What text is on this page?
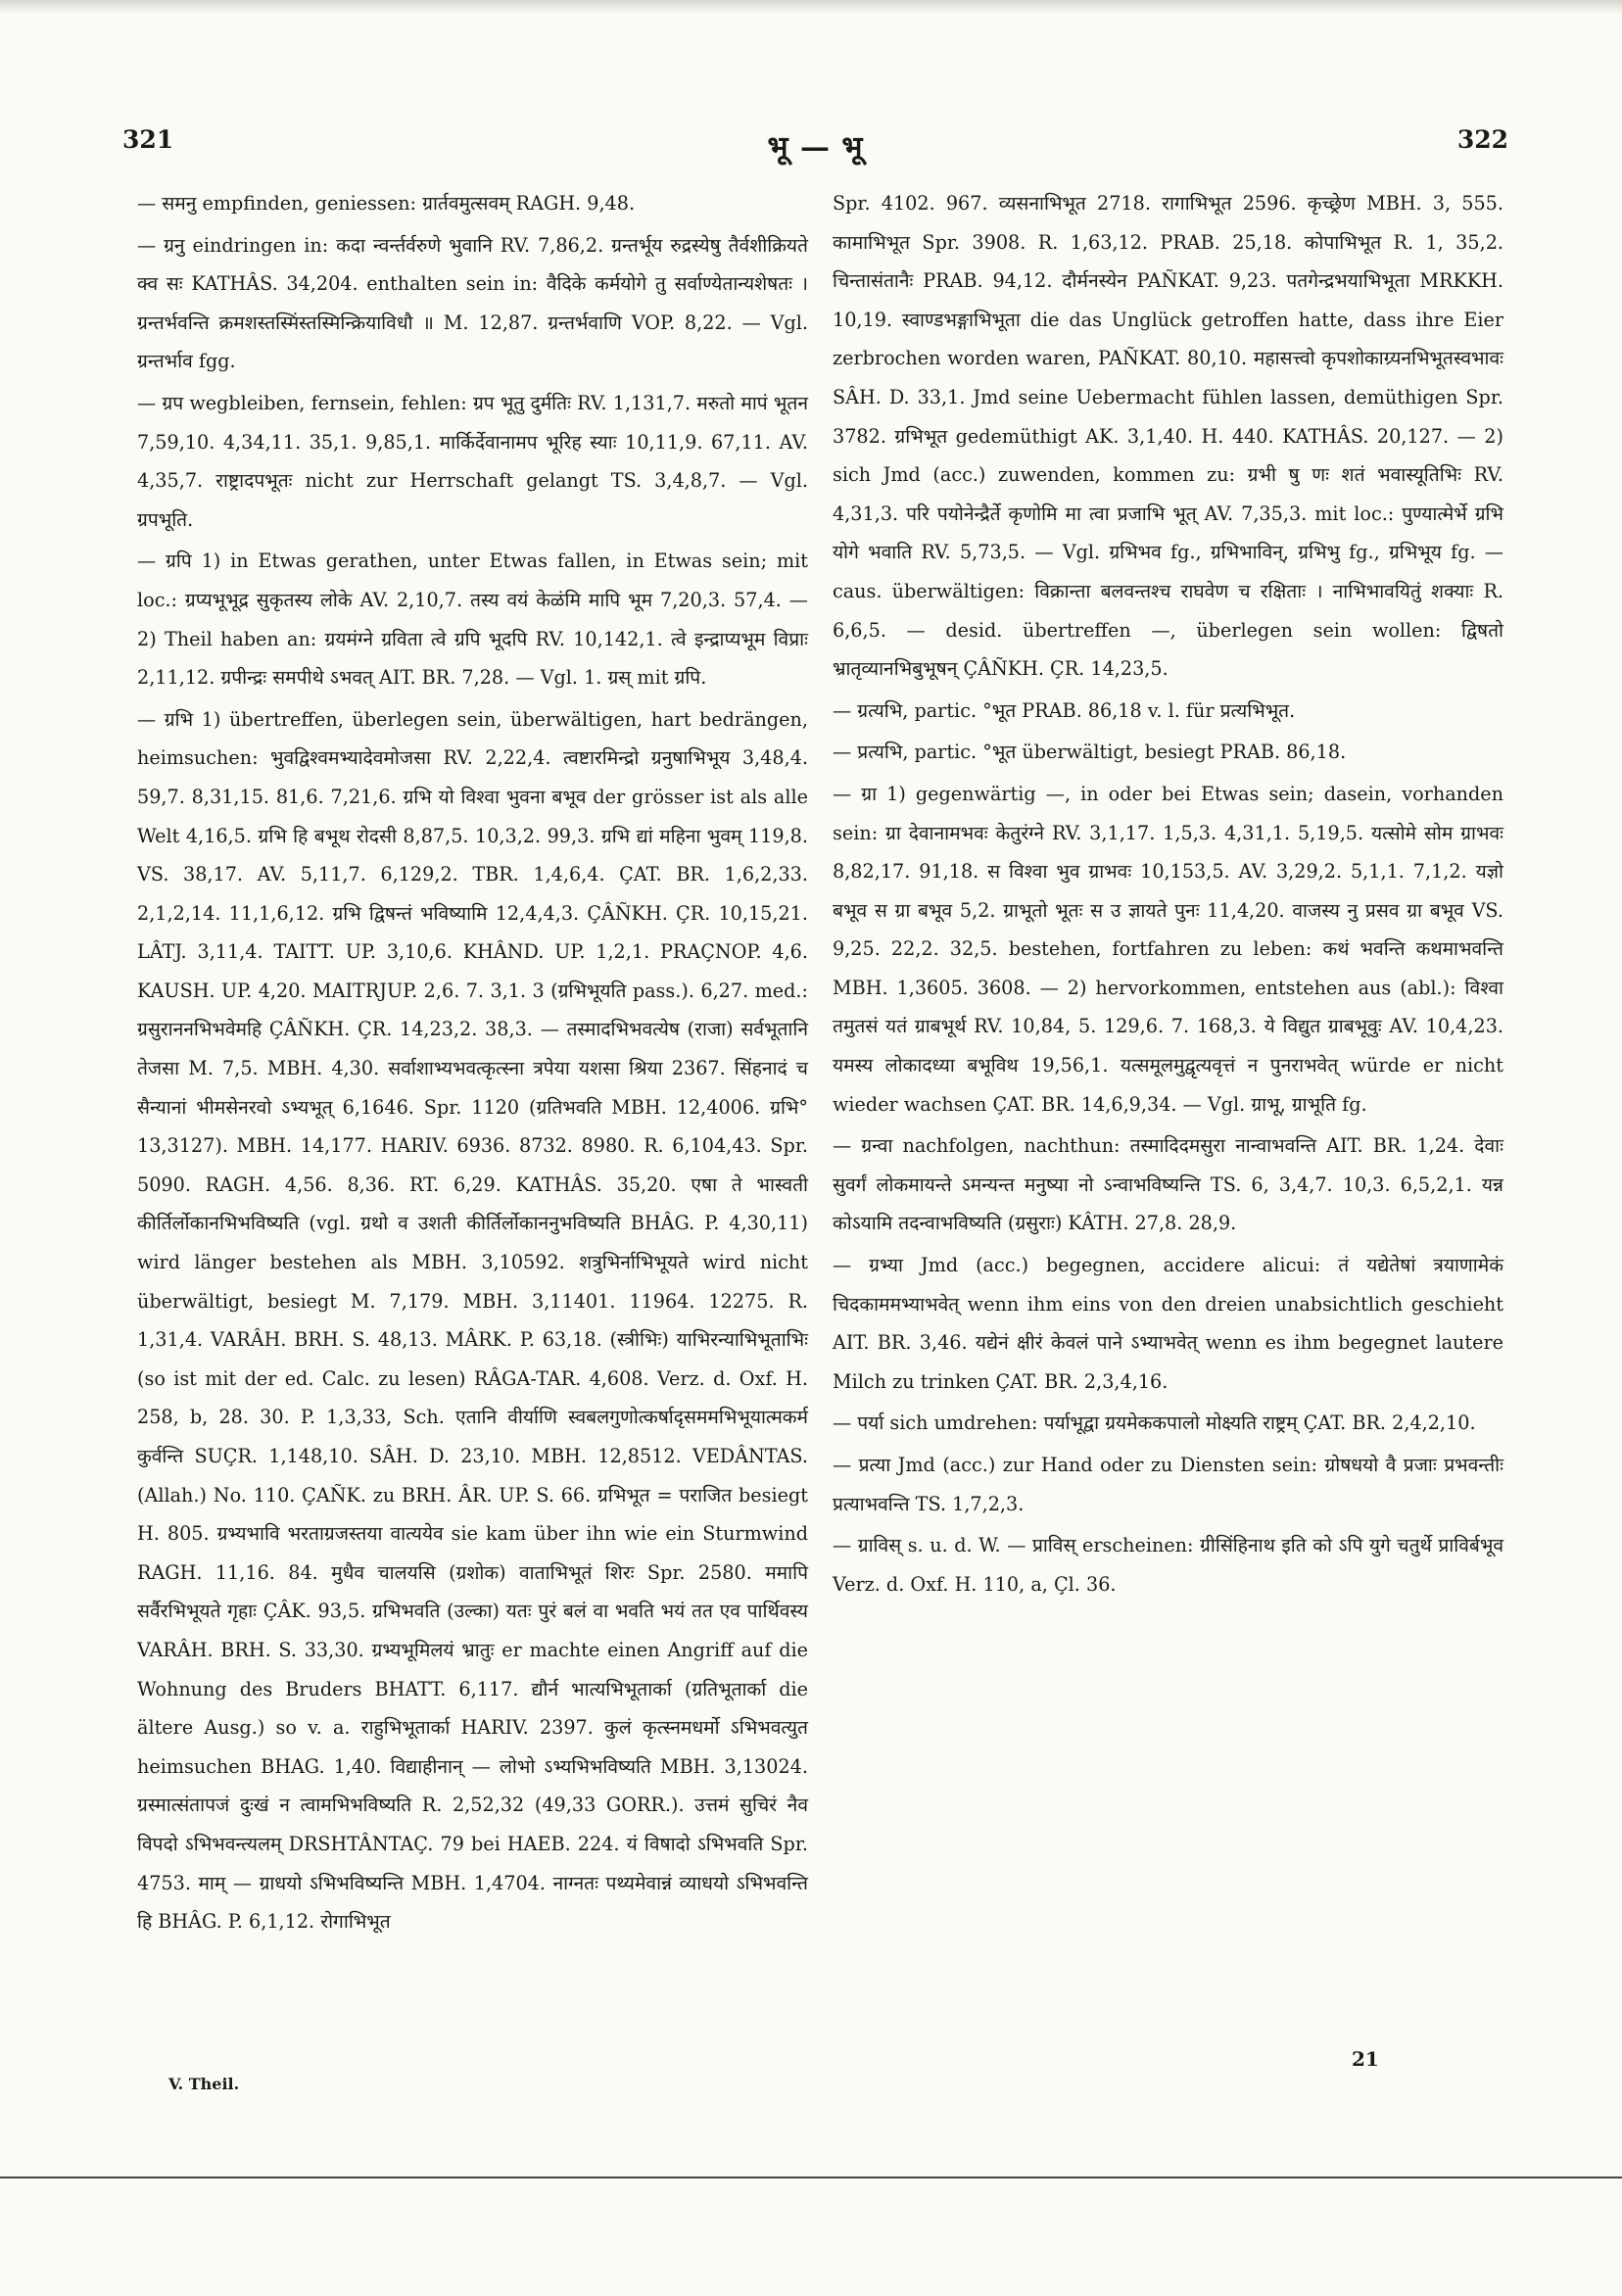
321	भू — भू	322

— समनु empfinden, geniessen: ग्रार्तवमुत्सवम् RAGH. 9,48.

— ग्रनु eindringen in: कदा न्वर्न्तर्वरुणे भुवानि RV. 7,86,2. ग्रन्तर्भूय रुद्रस्येषु तैर्वशीक्रियते क्व सः KATHÂS. 34,204. enthalten sein in: वैदिके कर्मयोगे तु सर्वाण्येतान्यशेषतः । ग्रन्तर्भवन्ति क्रमशस्तस्मिंस्तस्मिन्क्रियाविधौ ॥ M. 12,87. ग्रन्तर्भवाणि VOP. 8,22. — Vgl. ग्रन्तर्भाव fgg.

— ग्रप wegbleiben, fernsein, fehlen: ग्रप भूतु दुर्मतिः RV. 1,131,7. मरुतो मापं भूतन 7,59,10. 4,34,11. 35,1. 9,85,1. मार्किर्देवानामप भूरिह स्याः 10,11,9. 67,11. AV. 4,35,7. राष्ट्रादपभूतः nicht zur Herrschaft gelangt TS. 3,4,8,7. — Vgl. ग्रपभूति.

— ग्रपि 1) in Etwas gerathen, unter Etwas fallen, in Etwas sein; mit loc.: ग्रप्यभूभूद्र सुकृतस्य लोके AV. 2,10,7. तस्य वयं केळंमि मापि भूम 7,20,3. 57,4. — 2) Theil haben an: ग्रयमंग्ने ग्रविता त्वे ग्रपि भूदपि RV. 10,142,1. त्वे इन्द्राप्यभूम विप्राः 2,11,12. ग्रपीन्द्रः समपीथे ऽभवत् AIT. BR. 7,28. — Vgl. 1. ग्रस् mit ग्रपि.

— ग्रभि 1) übertreffen, überlegen sein, überwältigen, hart bedrängen, heimsuchen: भुवद्विश्वमभ्यादेवमोजसा RV. 2,22,4. त्वष्टारमिन्द्रो ग्रनुषाभिभूय 3,48,4. 59,7. 8,31,15. 81,6. 7,21,6. ग्रभि यो विश्वा भुवना बभूव der grösser ist als alle Welt 4,16,5. ग्रभि हि बभूथ रोदसी 8,87,5. 10,3,2. 99,3. ग्रभि द्यां महिना भुवम् 119,8. VS. 38,17. AV. 5,11,7. 6,129,2. TBR. 1,4,6,4. ÇAT. BR. 1,6,2,33. 2,1,2,14. 11,1,6,12. ग्रभि द्विषन्तं भविष्यामि 12,4,4,3. ÇÂÑKH. ÇR. 10,15,21. LÂTJ. 3,11,4. TAITT. UP. 3,10,6. KHÂND. UP. 1,2,1. PRAÇNOP. 4,6. KAUSH. UP. 4,20. MAITRJUP. 2,6. 7. 3,1. 3 (ग्रभिभूयति pass.). 6,27. med.: ग्रसुराननभिभवेमहि ÇÂÑKH. ÇR. 14,23,2. 38,3. — तस्मादभिभवत्येष (राजा) सर्वभूतानि तेजसा M. 7,5. MBH. 4,30. सर्वाशाभ्यभवत्कृत्स्ना त्रपेया यशसा श्रिया 2367. सिंहनादं च सैन्यानां भीमसेनरवो ऽभ्यभूत् 6,1646. Spr. 1120 (ग्रतिभवति MBH. 12,4006. ग्रभि° 13,3127). MBH. 14,177. HARIV. 6936. 8732. 8980. R. 6,104,43. Spr. 5090. RAGH. 4,56. 8,36. RT. 6,29. KATHÂS. 35,20. एषा ते भास्वती कीर्तिर्लोकानभिभविष्यति (vgl. ग्रथो व उशती कीर्तिर्लोकाननुभविष्यति BHÂG. P. 4,30,11) wird länger bestehen als MBH. 3,10592. शत्रुभिर्नाभिभूयते wird nicht überwältigt, besiegt M. 7,179. MBH. 3,11401. 11964. 12275. R. 1,31,4. VARÂH. BRH. S. 48,13. MÂRK. P. 63,18. (स्त्रीभिः) याभिरन्याभिभूताभिः (so ist mit der ed. Calc. zu lesen) RÂGA-TAR. 4,608. Verz. d. Oxf. H. 258, b, 28. 30. P. 1,3,33, Sch. एतानि वीर्याणि स्वबलगुणोत्कर्षादृसममभिभूयात्मकर्म कुर्वन्ति SUÇR. 1,148,10. SÂH. D. 23,10. MBH. 12,8512. VEDÂNTAS. (Allah.) No. 110. ÇAÑK. zu BRH. ÂR. UP. S. 66. ग्रभिभूत = पराजित besiegt H. 805. ग्रभ्यभावि भरताग्रजस्तया वात्ययेव sie kam über ihn wie ein Sturmwind RAGH. 11,16. 84. मुधैव चालयसि (ग्रशोक) वाताभिभूतं शिरः Spr. 2580. ममापि सर्वैरभिभूयते गृहाः ÇÂK. 93,5. ग्रभिभवति (उल्का) यतः पुरं बलं वा भवति भयं तत एव पार्थिवस्य VARÂH. BRH. S. 33,30. ग्रभ्यभूमिलयं भ्रातुः er machte einen Angriff auf die Wohnung des Bruders BHATT. 6,117. द्यौर्न भात्यभिभूतार्का (ग्रतिभूतार्का die ältere Ausg.) so v. a. राहुभिभूतार्का HARIV. 2397. कुलं कृत्स्नमधर्मो ऽभिभवत्युत heimsuchen BHAG. 1,40. विद्याहीनान् — लोभो ऽभ्यभिभविष्यति MBH. 3,13024. ग्रस्मात्संतापजं दुःखं न त्वामभिभविष्यति R. 2,52,32 (49,33 GORR.). उत्तमं सुचिरं नैव विपदो ऽभिभवन्त्यलम् DRSHTÂNTAÇ. 79 bei HAEB. 224. यं विषादो ऽभिभवति Spr. 4753. माम् — ग्राधयो ऽभिभविष्यन्ति MBH. 1,4704. नाग्नतः पथ्यमेवान्नं व्याधयो ऽभिभवन्ति हि BHÂG. P. 6,1,12. रोगाभिभूत

Spr. 4102. 967. व्यसनाभिभूत 2718. रागाभिभूत 2596. कृच्छ्रेण MBH. 3, 555. कामाभिभूत Spr. 3908. R. 1,63,12. PRAB. 25,18. कोपाभिभूत R. 1, 35,2. चिन्तासंतानैः PRAB. 94,12. दौर्मनस्येन PAÑKAT. 9,23. पतगेन्द्रभयाभिभूता MRKKH. 10,19. स्वाण्डभङ्गाभिभूता die das Unglück getroffen hatte, dass ihre Eier zerbrochen worden waren, PAÑKAT. 80,10. महासत्त्वो कृपशोकाग्र्यनभिभूतस्वभावः SÂH. D. 33,1. Jmd seine Uebermacht fühlen lassen, demüthigen Spr. 3782. ग्रभिभूत gedemüthigt AK. 3,1,40. H. 440. KATHÂS. 20,127. — 2) sich Jmd (acc.) zuwenden, kommen zu: ग्रभी षु णः शतं भवास्यूतिभिः RV. 4,31,3. परि पयोनेन्द्रैर्ते कृणोमि मा त्वा प्रजाभि भूत् AV. 7,35,3. mit loc.: पुण्यात्मेर्भे ग्रभि योगे भवाति RV. 5,73,5. — Vgl. ग्रभिभव fg., ग्रभिभाविन्, ग्रभिभु fg., ग्रभिभूय fg. — caus. überwältigen: विक्रान्ता बलवन्तश्च राघवेण च रक्षिताः । नाभिभावयितुं शक्याः R. 6,6,5. — desid. übertreffen —, überlegen sein wollen: द्विषतो भ्रातृव्यानभिबुभूषन् ÇÂÑKH. ÇR. 14,23,5.

— ग्रत्यभि, partic. °भूत PRAB. 86,18 v. l. für प्रत्यभिभूत.

— प्रत्यभि, partic. °भूत überwältigt, besiegt PRAB. 86,18.

— ग्रा 1) gegenwärtig —, in oder bei Etwas sein; dasein, vorhanden sein: ग्रा देवानामभवः केतुरंग्ने RV. 3,1,17. 1,5,3. 4,31,1. 5,19,5. यत्सोमे सोम ग्राभवः 8,82,17. 91,18. स विश्वा भुव ग्राभवः 10,153,5. AV. 3,29,2. 5,1,1. 7,1,2. यज्ञो बभूव स ग्रा बभूव 5,2. ग्राभूतो भूतः स उ ज्ञायते पुनः 11,4,20. वाजस्य नु प्रसव ग्रा बभूव VS. 9,25. 22,2. 32,5. bestehen, fortfahren zu leben: कथं भवन्ति कथमाभवन्ति MBH. 1,3605. 3608. — 2) hervorkommen, entstehen aus (abl.): विश्वा तमुतसं यतं ग्राबभूर्थ RV. 10,84, 5. 129,6. 7. 168,3. ये विद्युत ग्राबभूवुः AV. 10,4,23. यमस्य लोकादध्या बभूविथ 19,56,1. यत्समूलमुद्वृत्यवृत्तं न पुनराभवेत् würde er nicht wieder wachsen ÇAT. BR. 14,6,9,34. — Vgl. ग्राभू, ग्राभूति fg.

— ग्रन्वा nachfolgen, nachthun: तस्मादिदमसुरा नान्वाभवन्ति AIT. BR. 1,24. देवाः सुवर्गं लोकमायन्ते ऽमन्यन्त मनुष्या नो ऽन्वाभविष्यन्ति TS. 6, 3,4,7. 10,3. 6,5,2,1. यन्न कोऽयामि तदन्वाभविष्यति (ग्रसुराः) KÂTH. 27,8. 28,9.

— ग्रभ्या Jmd (acc.) begegnen, accidere alicui: तं यद्येतेषां त्रयाणामेकं चिदकाममभ्याभवेत् wenn ihm eins von den dreien unabsichtlich geschieht AIT. BR. 3,46. यद्येनं क्षीरं केवलं पाने ऽभ्याभवेत् wenn es ihm begegnet lautere Milch zu trinken ÇAT. BR. 2,3,4,16.

— पर्या sich umdrehen: पर्याभूद्वा ग्रयमेककपालो मोक्ष्यति राष्ट्रम् ÇAT. BR. 2,4,2,10.

— प्रत्या Jmd (acc.) zur Hand oder zu Diensten sein: ग्रोषधयो वै प्रजाः प्रभवन्तीः प्रत्याभवन्ति TS. 1,7,2,3.

— ग्राविस् s. u. d. W. — प्राविस् erscheinen: ग्रीसिंहिनाथ इति को ऽपि युगे चतुर्थे प्राविर्बभूव Verz. d. Oxf. H. 110, a, Çl. 36.

V. Theil.
21
